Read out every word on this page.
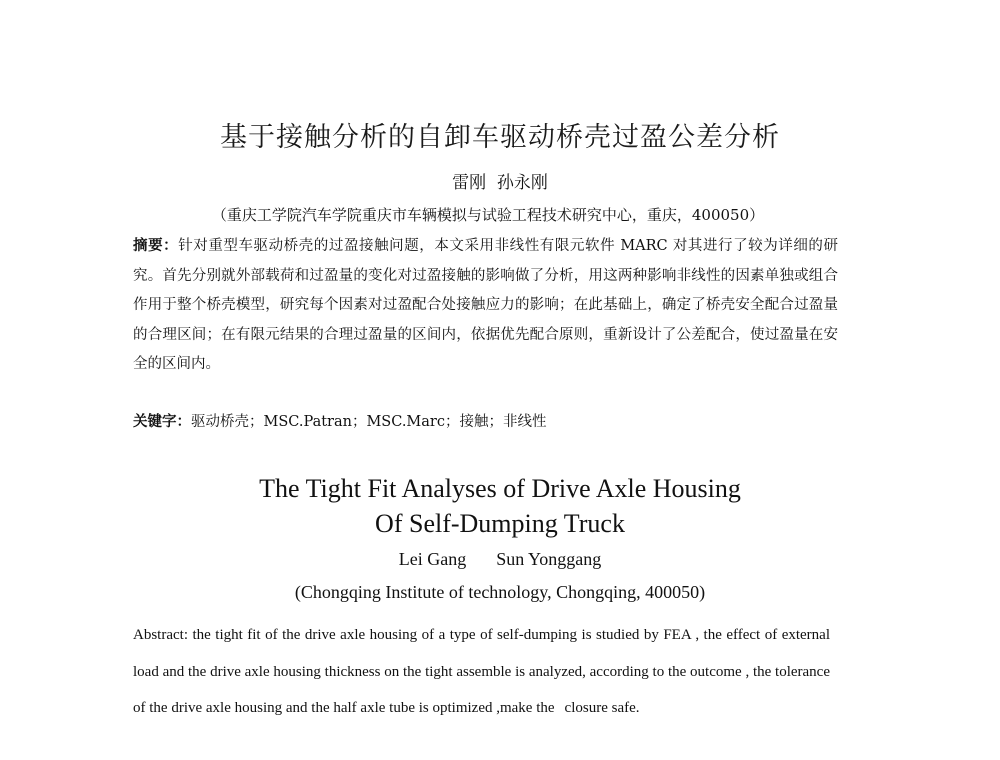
基于接触分析的自卸车驱动桥壳过盈公差分析
雷刚  孙永刚
（重庆工学院汽车学院重庆市车辆模拟与试验工程技术研究中心，重庆，400050）
摘要：针对重型车驱动桥壳的过盈接触问题，本文采用非线性有限元软件 MARC 对其进行了较为详细的研究。首先分别就外部载荷和过盈量的变化对过盈接触的影响做了分析，用这两种影响非线性的因素单独或组合作用于整个桥壳模型，研究每个因素对过盈配合处接触应力的影响；在此基础上，确定了桥壳安全配合过盈量的合理区间；在有限元结果的合理过盈量的区间内，依据优先配合原则，重新设计了公差配合，使过盈量在安全的区间内。
关键字：驱动桥壳；MSC.Patran；MSC.Marc；接触；非线性
The Tight Fit Analyses of Drive Axle Housing
Of Self-Dumping Truck
Lei Gang Sun Yonggang
(Chongqing Institute of technology, Chongqing, 400050)
Abstract: the tight fit of the drive axle housing of a type of self-dumping is studied by FEA , the effect of external load and the drive axle housing thickness on the tight assemble is analyzed, according to the outcome , the tolerance of the drive axle housing and the half axle tube is optimized ,make the closure safe.
